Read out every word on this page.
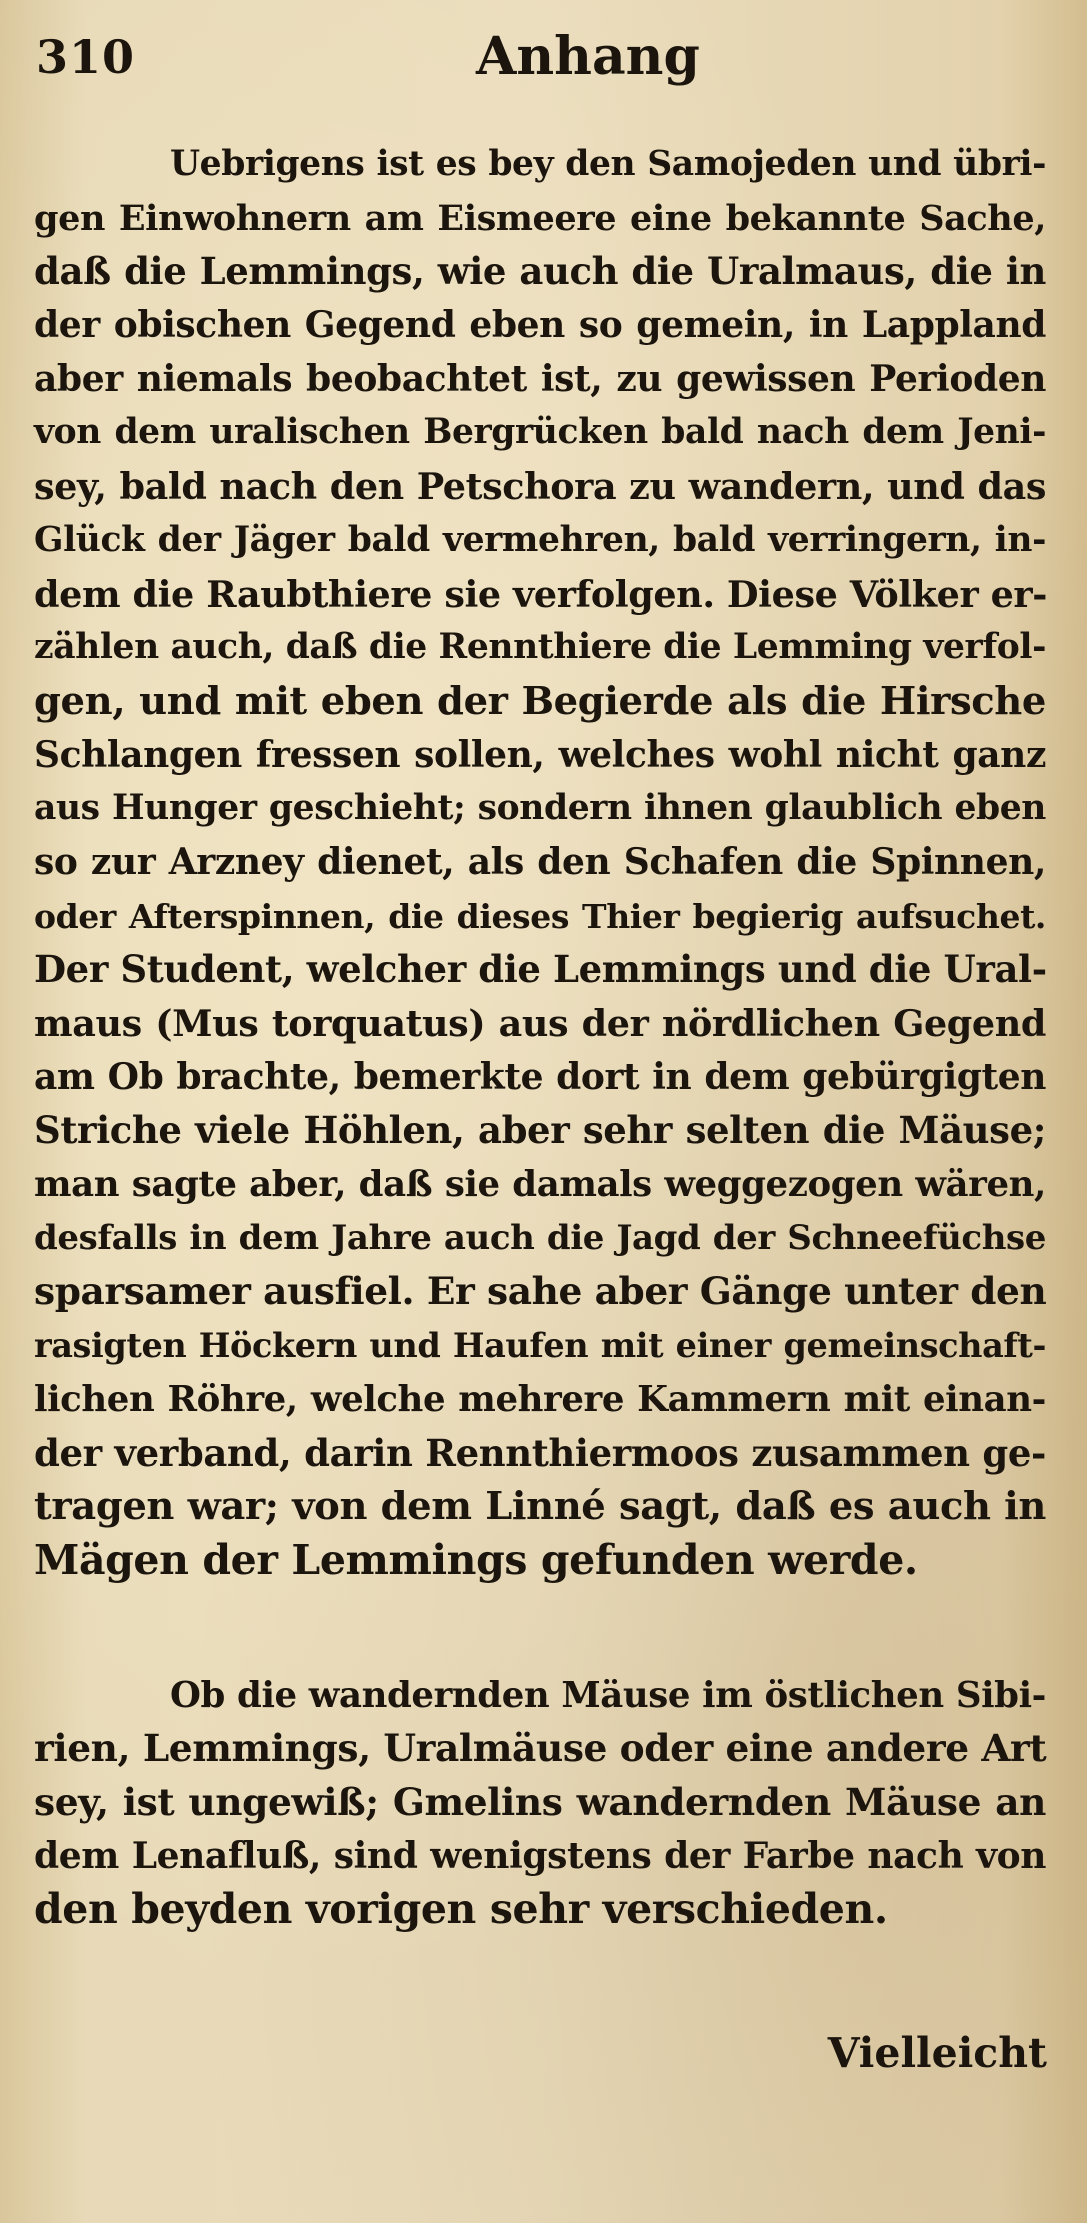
310	Anhang
Uebrigens ist es bey den Samojeden und übri-
gen Einwohnern am Eismeere eine bekannte Sache,
daß die Lemmings, wie auch die Uralmaus, die in
der obischen Gegend eben so gemein, in Lappland
aber niemals beobachtet ist, zu gewissen Perioden
von dem uralischen Bergrücken bald nach dem Jeni-
sey, bald nach den Petschora zu wandern, und das
Glück der Jäger bald vermehren, bald verringern, in-
dem die Raubthiere sie verfolgen. Diese Völker er-
zählen auch, daß die Rennthiere die Lemming verfol-
gen, und mit eben der Begierde als die Hirsche
Schlangen fressen sollen, welches wohl nicht ganz
aus Hunger geschieht; sondern ihnen glaublich eben
so zur Arzney dienet, als den Schafen die Spinnen,
oder Afterspinnen, die dieses Thier begierig aufsuchet.
Der Student, welcher die Lemmings und die Ural-
maus (Mus torquatus) aus der nördlichen Gegend
am Ob brachte, bemerkte dort in dem gebürgigten
Striche viele Höhlen, aber sehr selten die Mäuse;
man sagte aber, daß sie damals weggezogen wären,
desfalls in dem Jahre auch die Jagd der Schneefüchse
sparsamer ausfiel. Er sahe aber Gänge unter den
rasigten Höckern und Haufen mit einer gemeinschaft-
lichen Röhre, welche mehrere Kammern mit einan-
der verband, darin Rennthiermoos zusammen ge-
tragen war; von dem Linné sagt, daß es auch in
Mägen der Lemmings gefunden werde.
Ob die wandernden Mäuse im östlichen Sibi-
rien, Lemmings, Uralmäuse oder eine andere Art
sey, ist ungewiß; Gmelins wandernden Mäuse an
dem Lenafluß, sind wenigstens der Farbe nach von
den beyden vorigen sehr verschieden.
Vielleicht
